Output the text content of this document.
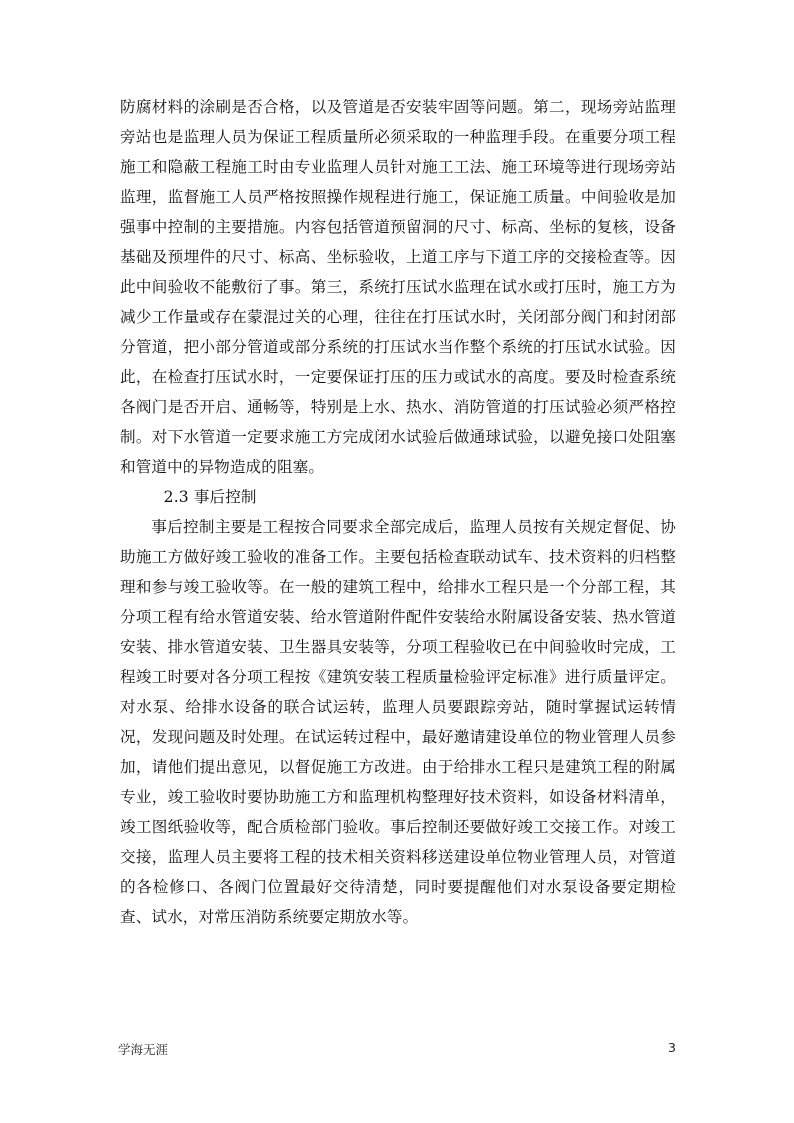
防腐材料的涂刷是否合格，以及管道是否安装牢固等问题。第二，现场旁站监理旁站也是监理人员为保证工程质量所必须采取的一种监理手段。在重要分项工程施工和隐蔽工程施工时由专业监理人员针对施工工法、施工环境等进行现场旁站监理，监督施工人员严格按照操作规程进行施工，保证施工质量。中间验收是加强事中控制的主要措施。内容包括管道预留洞的尺寸、标高、坐标的复核，设备基础及预埋件的尺寸、标高、坐标验收，上道工序与下道工序的交接检查等。因此中间验收不能敷衍了事。第三，系统打压试水监理在试水或打压时，施工方为减少工作量或存在蒙混过关的心理，往往在打压试水时，关闭部分阀门和封闭部分管道，把小部分管道或部分系统的打压试水当作整个系统的打压试水试验。因此，在检查打压试水时，一定要保证打压的压力或试水的高度。要及时检查系统各阀门是否开启、通畅等，特别是上水、热水、消防管道的打压试验必须严格控制。对下水管道一定要求施工方完成闭水试验后做通球试验，以避免接口处阻塞和管道中的异物造成的阻塞。

2.3 事后控制

事后控制主要是工程按合同要求全部完成后，监理人员按有关规定督促、协助施工方做好竣工验收的准备工作。主要包括检查联动试车、技术资料的归档整理和参与竣工验收等。在一般的建筑工程中，给排水工程只是一个分部工程，其分项工程有给水管道安装、给水管道附件配件安装给水附属设备安装、热水管道安装、排水管道安装、卫生器具安装等，分项工程验收已在中间验收时完成，工程竣工时要对各分项工程按《建筑安装工程质量检验评定标准》进行质量评定。对水泵、给排水设备的联合试运转，监理人员要跟踪旁站，随时掌握试运转情况，发现问题及时处理。在试运转过程中，最好邀请建设单位的物业管理人员参加，请他们提出意见，以督促施工方改进。由于给排水工程只是建筑工程的附属专业，竣工验收时要协助施工方和监理机构整理好技术资料，如设备材料清单，竣工图纸验收等，配合质检部门验收。事后控制还要做好竣工交接工作。对竣工交接，监理人员主要将工程的技术相关资料移送建设单位物业管理人员，对管道的各检修口、各阀门位置最好交待清楚，同时要提醒他们对水泵设备要定期检查、试水，对常压消防系统要定期放水等。

学海无涯	3
